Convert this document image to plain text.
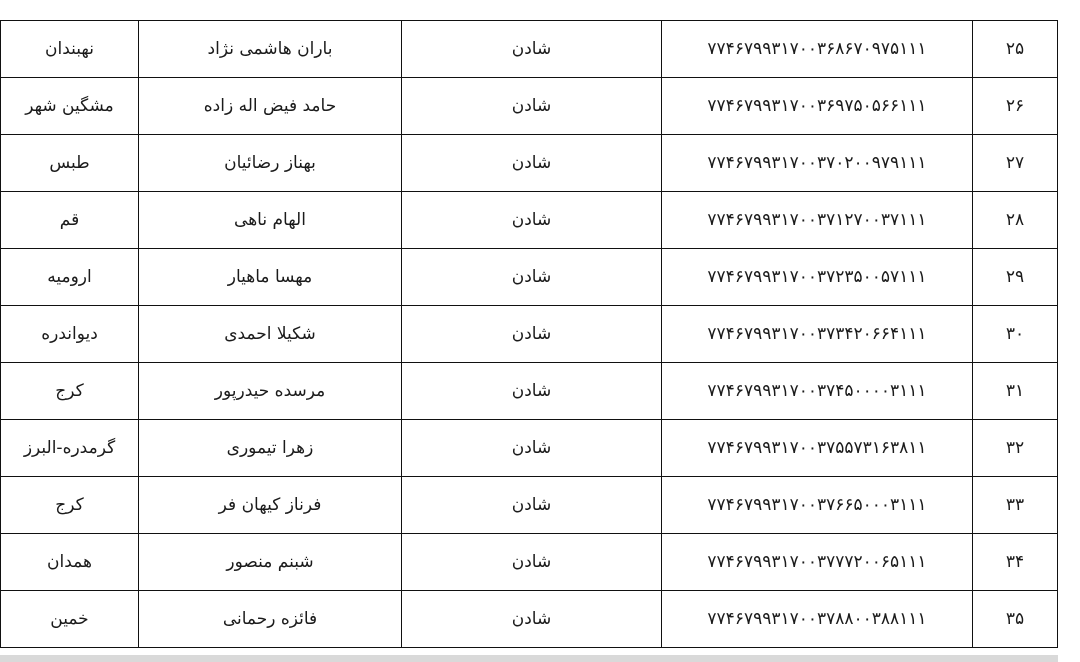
۲۵	۷۷۴۶۷۹۹۳۱۷۰۰۳۶۸۶۷۰۹۷۵۱۱۱	شادن	باران هاشمی نژاد	نهبندان
۲۶	۷۷۴۶۷۹۹۳۱۷۰۰۳۶۹۷۵۰۵۶۶۱۱۱	شادن	حامد فیض اله زاده	مشگین شهر
۲۷	۷۷۴۶۷۹۹۳۱۷۰۰۳۷۰۲۰۰۹۷۹۱۱۱	شادن	بهناز رضائیان	طبس
۲۸	۷۷۴۶۷۹۹۳۱۷۰۰۳۷۱۲۷۰۰۳۷۱۱۱	شادن	الهام ناهی	قم
۲۹	۷۷۴۶۷۹۹۳۱۷۰۰۳۷۲۳۵۰۰۵۷۱۱۱	شادن	مهسا ماهیار	ارومیه
۳۰	۷۷۴۶۷۹۹۳۱۷۰۰۳۷۳۴۲۰۶۶۴۱۱۱	شادن	شکیلا احمدی	دیواندره
۳۱	۷۷۴۶۷۹۹۳۱۷۰۰۳۷۴۵۰۰۰۰۳۱۱۱	شادن	مرسده حیدرپور	کرج
۳۲	۷۷۴۶۷۹۹۳۱۷۰۰۳۷۵۵۷۳۱۶۳۸۱۱	شادن	زهرا تیموری	گرمدره-البرز
۳۳	۷۷۴۶۷۹۹۳۱۷۰۰۳۷۶۶۵۰۰۰۳۱۱۱	شادن	فرناز کیهان فر	کرج
۳۴	۷۷۴۶۷۹۹۳۱۷۰۰۳۷۷۷۲۰۰۶۵۱۱۱	شادن	شبنم منصور	همدان
۳۵	۷۷۴۶۷۹۹۳۱۷۰۰۳۷۸۸۰۰۳۸۸۱۱۱	شادن	فائزه رحمانی	خمین
